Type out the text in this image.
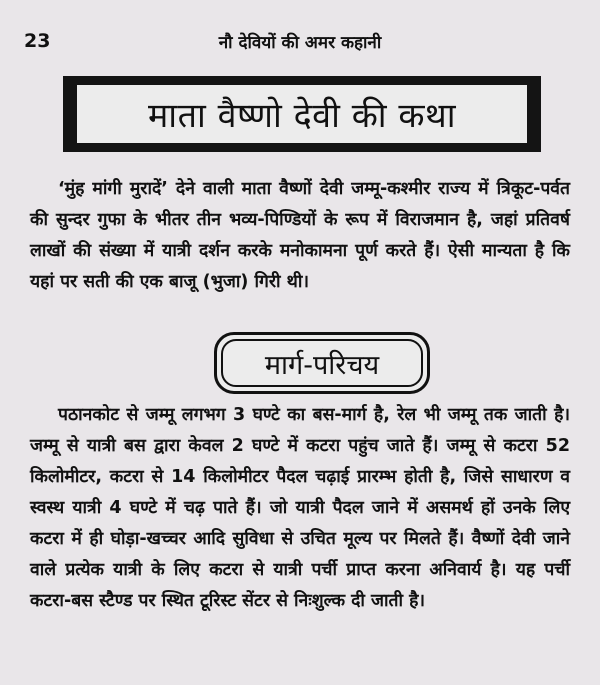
23	नौ देवियों की अमर कहानी
माता वैष्णो देवी की कथा

‘मुंह मांगी मुरादें’ देने वाली माता वैष्णों देवी जम्मू-कश्मीर राज्य में त्रिकूट-पर्वत की सुन्दर गुफा के भीतर तीन भव्य-पिण्डियों के रूप में विराजमान है, जहां प्रतिवर्ष लाखों की संख्या में यात्री दर्शन करके मनोकामना पूर्ण करते हैं। ऐसी मान्यता है कि यहां पर सती की एक बाजू (भुजा) गिरी थी।

मार्ग-परिचय

पठानकोट से जम्मू लगभग 3 घण्टे का बस-मार्ग है, रेल भी जम्मू तक जाती है। जम्मू से यात्री बस द्वारा केवल 2 घण्टे में कटरा पहुंच जाते हैं। जम्मू से कटरा 52 किलोमीटर, कटरा से 14 किलोमीटर पैदल चढ़ाई प्रारम्भ होती है, जिसे साधारण व स्वस्थ यात्री 4 घण्टे में चढ़ पाते हैं। जो यात्री पैदल जाने में असमर्थ हों उनके लिए कटरा में ही घोड़ा-खच्चर आदि सुविधा से उचित मूल्य पर मिलते हैं। वैष्णों देवी जाने वाले प्रत्येक यात्री के लिए कटरा से यात्री पर्ची प्राप्त करना अनिवार्य है। यह पर्ची कटरा-बस स्टैण्ड पर स्थित टूरिस्ट सेंटर से निःशुल्क दी जाती है।
